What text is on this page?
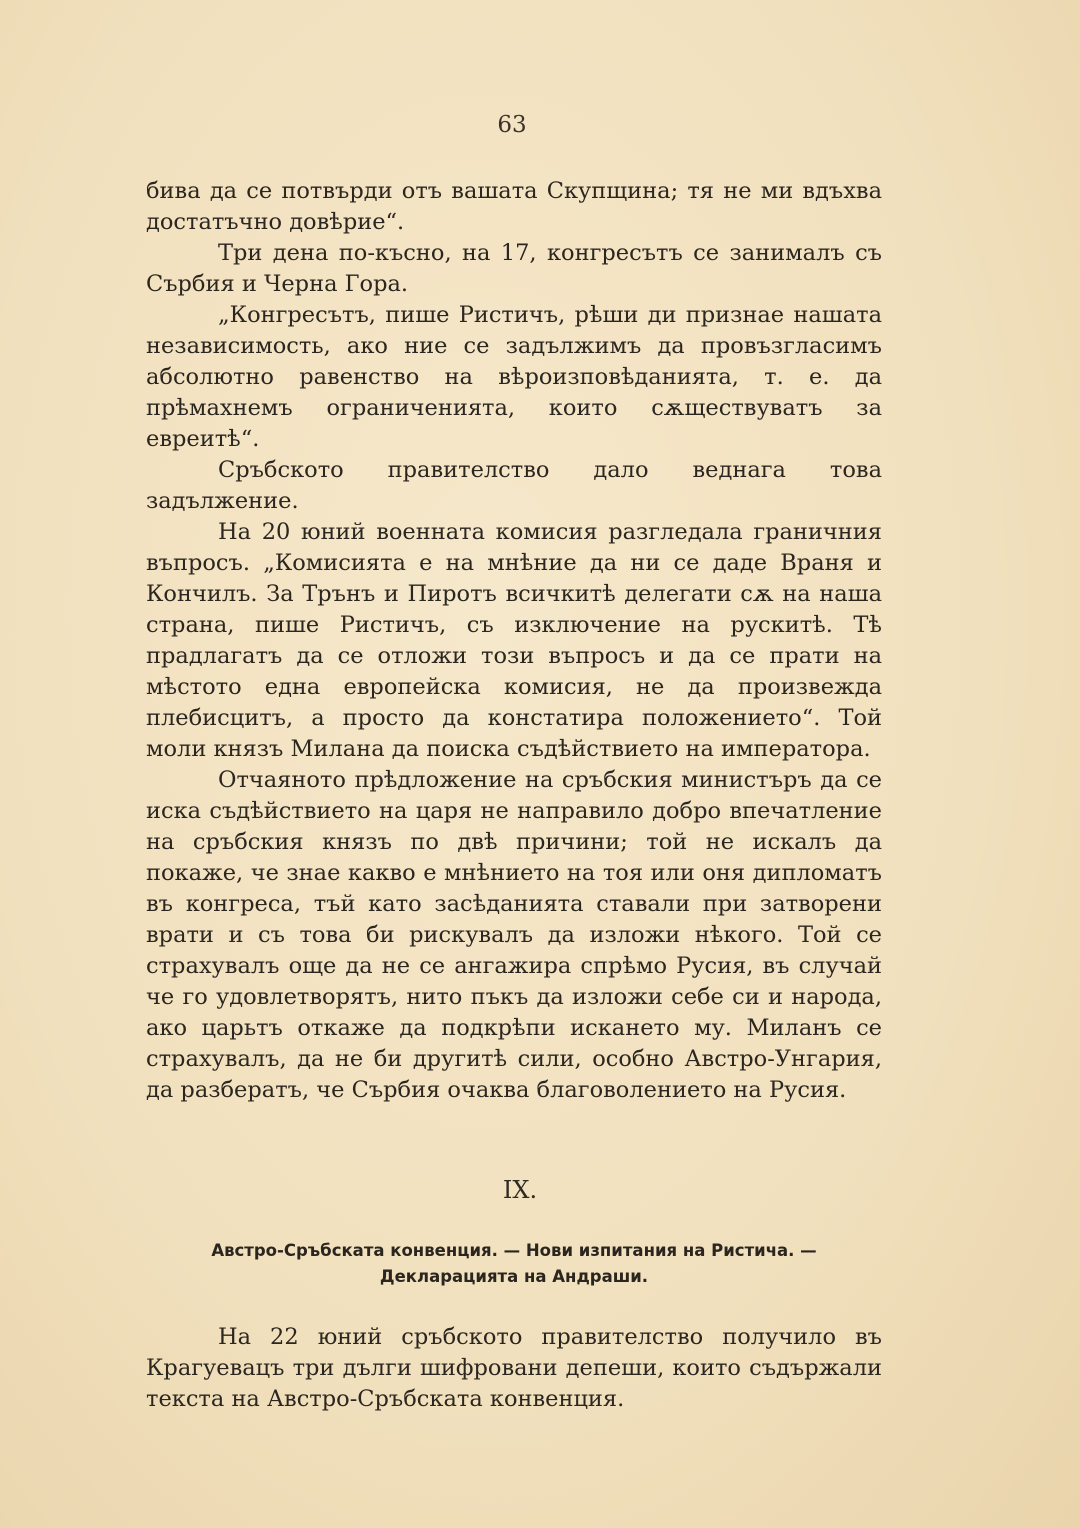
63

бива да се потвърди отъ вашата Скупщина; тя не ми вдъхва достатъчно довѣрие“.

Три дена по-късно, на 17, конгресътъ се занималъ съ Сърбия и Черна Гора.

„Конгресътъ, пише Ристичъ, рѣши ди признае нашата независимость, ако ние се задължимъ да провъзгласимъ абсолютно равенство на вѣроизповѣданията, т. е. да прѣмахнемъ ограниченията, които сѫществуватъ за евреитѣ“.

Сръбското правителство дало веднага това задължение.

На 20 юний военната комисия разгледала граничния въпросъ. „Комисията е на мнѣние да ни се даде Враня и Кончилъ. За Трънъ и Пиротъ всичкитѣ делегати сѫ на наша страна, пише Ристичъ, съ изключение на рускитѣ. Тѣ прадлагатъ да се отложи този въпросъ и да се прати на мѣстото една европейска комисия, не да произвежда плебисцитъ, а просто да констатира положението“. Той моли князъ Милана да поиска съдѣйствието на императора.

Отчаяното прѣдложение на сръбския министъръ да се иска съдѣйствието на царя не направило добро впечатление на сръбския князъ по двѣ причини; той не искалъ да покаже, че знае какво е мнѣнието на тоя или оня дипломатъ въ конгреса, тъй като засѣданията ставали при затворени врати и съ това би рискувалъ да изложи нѣкого. Той се страхувалъ още да не се ангажира спрѣмо Русия, въ случай че го удовлетворятъ, нито пъкъ да изложи себе си и народа, ако царьтъ откаже да подкрѣпи искането му. Миланъ се страхувалъ, да не би другитѣ сили, особно Австро-Унгария, да разбератъ, че Сърбия очаква благоволението на Русия.

IX.
Австро-Сръбската конвенция. — Нови изпитания на Ристича. —
Декларацията на Андраши.

На 22 юний сръбското правителство получило въ Крагуевацъ три дълги шифровани депеши, които съдържали текста на Австро-Сръбската конвенция.
